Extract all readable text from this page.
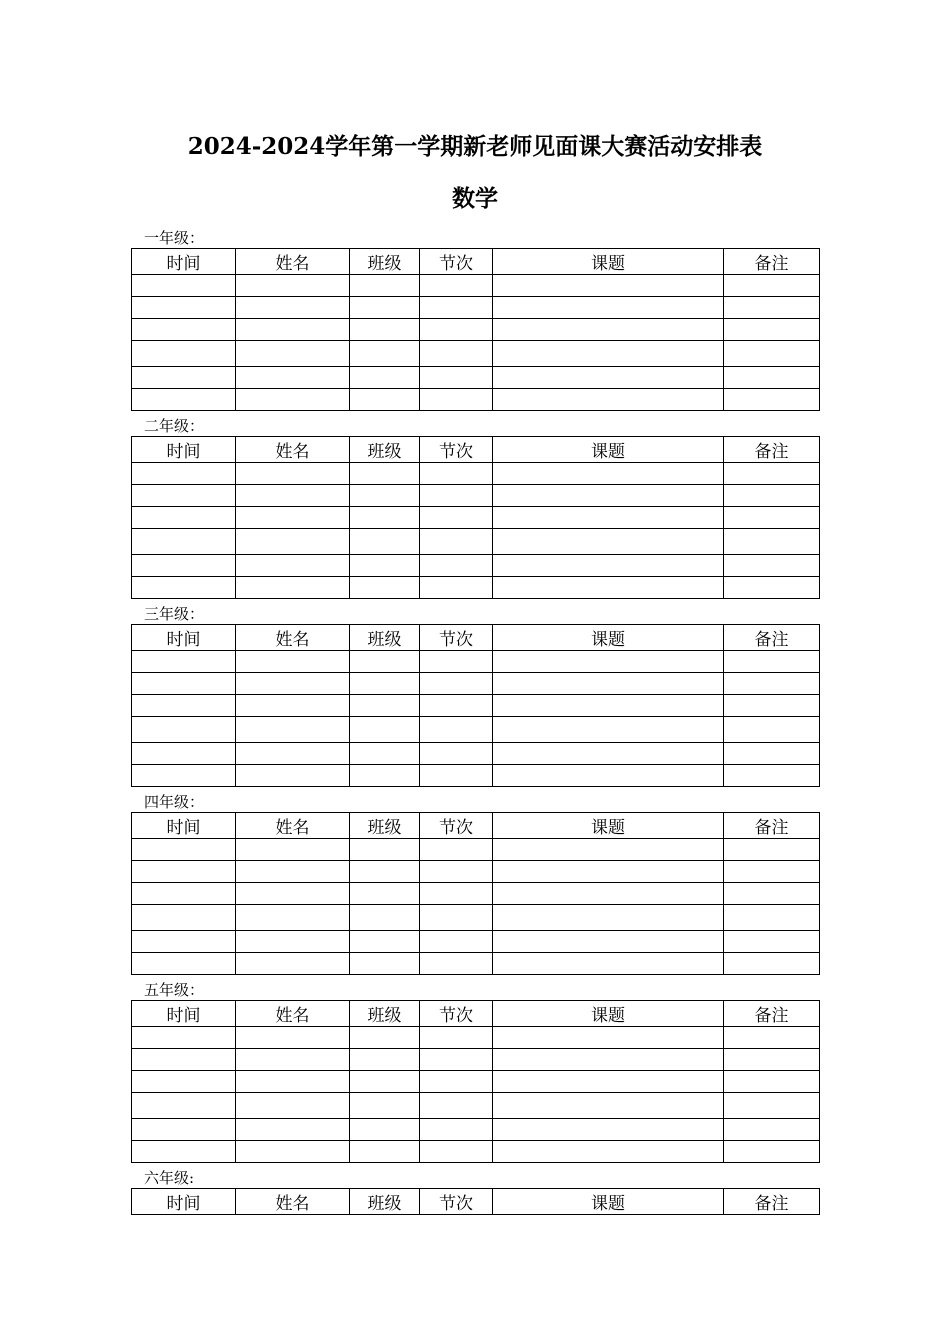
2024-2024学年第一学期新老师见面课大赛活动安排表
数学
一年级：
时间	姓名	班级	节次	课题	备注

二年级：
时间	姓名	班级	节次	课题	备注

三年级：
时间	姓名	班级	节次	课题	备注

四年级：
时间	姓名	班级	节次	课题	备注

五年级：
时间	姓名	班级	节次	课题	备注

六年级:
时间	姓名	班级	节次	课题	备注
